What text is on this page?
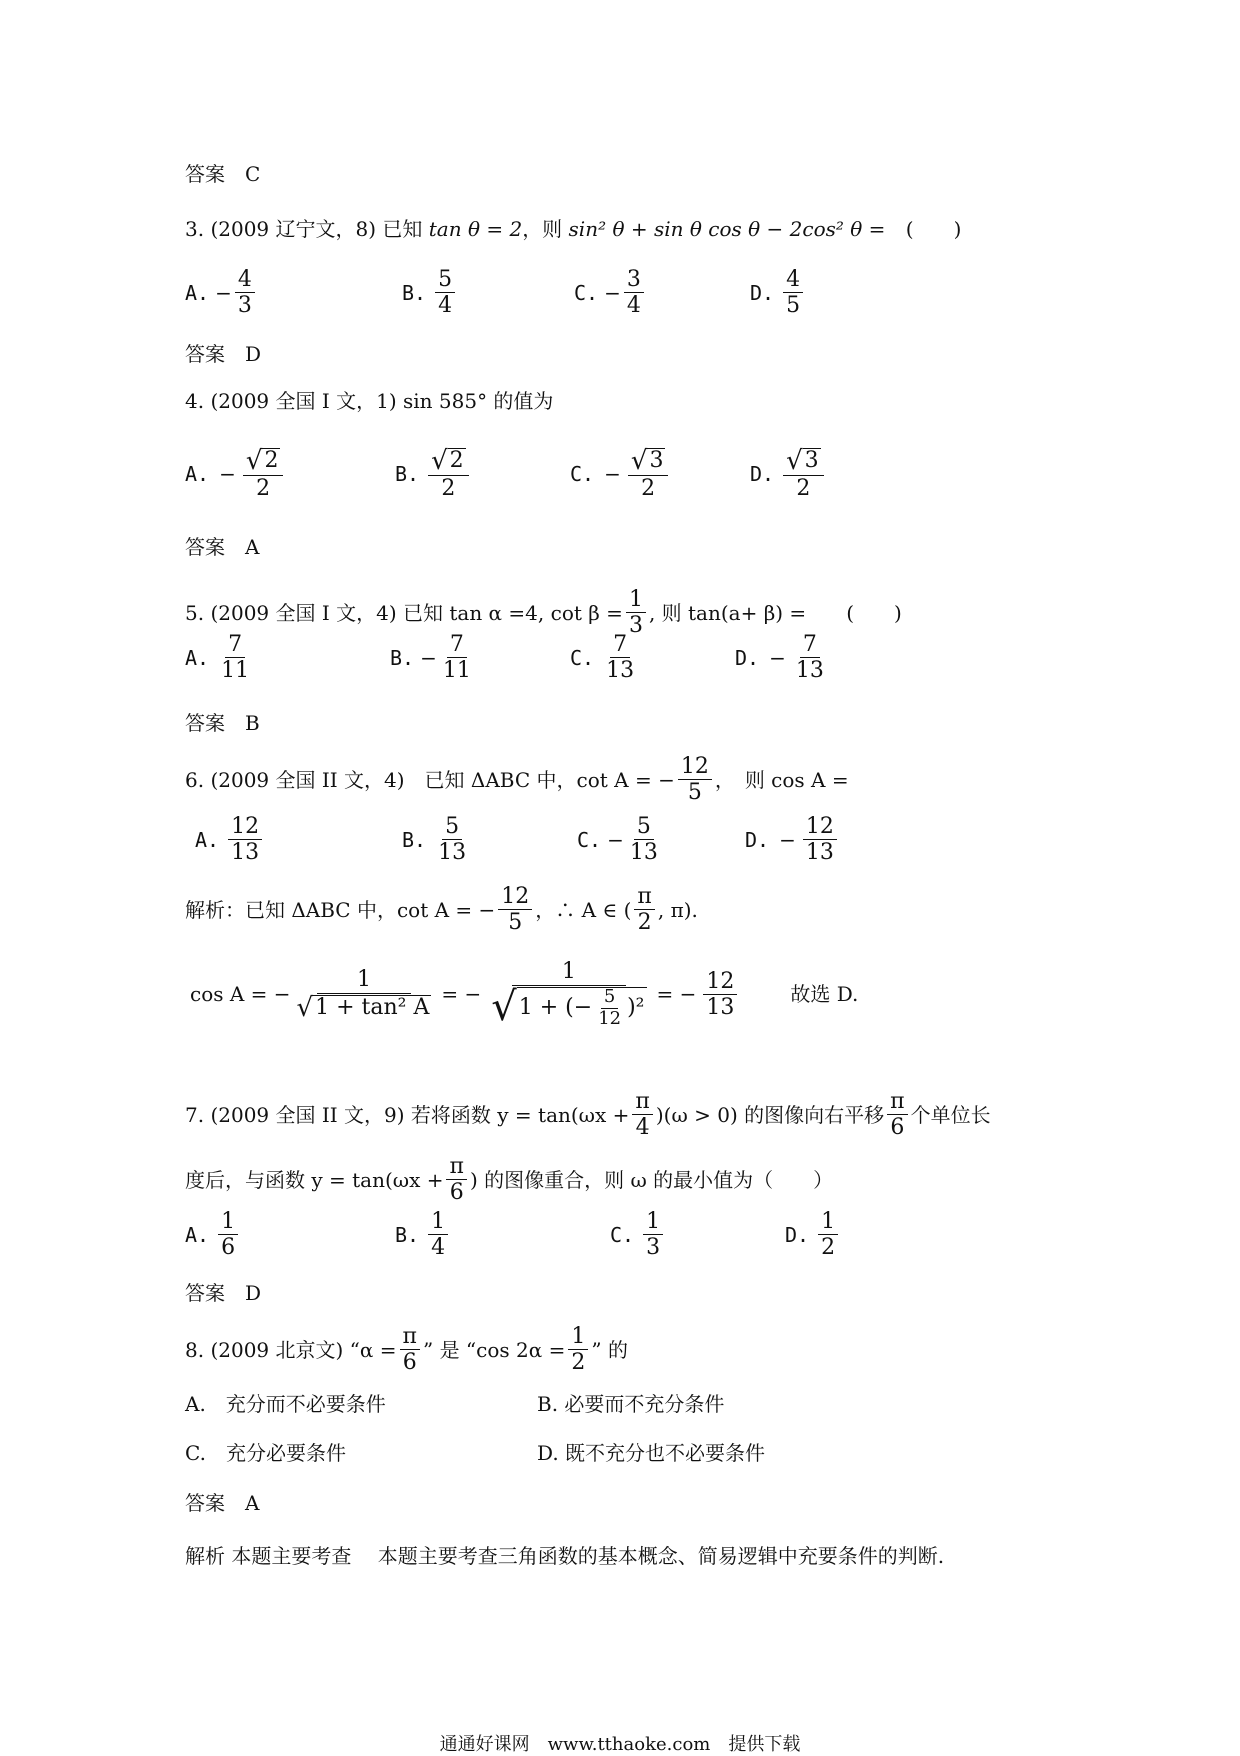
答案　C
3. (2009 辽宁文，8) 已知 tan θ = 2，则 sin² θ + sin θ cos θ − 2cos² θ = (　　)
A. − $\frac{4}{3}$	B. $\frac{5}{4}$	C. − $\frac{3}{4}$	D. $\frac{4}{5}$
答案　D
4. (2009 全国 I 文，1) sin 585° 的值为
A. − $\frac{√ 2}{2}$	B. $\frac{√ 2}{2}$	C. − $\frac{√ 3}{2}$	D. $\frac{√ 3}{2}$
答案　A
5. (2009 全国 I 文，4) 已知 tan α =4, $\cot \beta = \frac{1}{3}$ , 则 tan(a+ β) = (　　)
A. $\frac{7}{11}$	B. − $\frac{7}{11}$	C. $\frac{7}{13}$	D. − $\frac{7}{13}$
答案　B
6. (2009 全国 II 文，4)　已知 ΔABC 中，cot A = − $\frac{12}{5}$ ，　则 cos A =
A. $\frac{12}{13}$	B. $\frac{5}{13}$	C. − $\frac{5}{13}$	D. − $\frac{12}{13}$
解析：已知 ΔABC 中，cot A = − $\frac{12}{5}$ ，∴ A ∈ ( $\frac{\pi}{2}$ , π).
cos A = − $\frac{1}{\text{√ 1 + tan² A}}$ = − $\frac{1}{√ 1 + (- \frac{5}{12} )^2}$ = − $\frac{12}{13}$	故选 D.
7. (2009 全国 II 文，9) 若将函数 $y = \tan(\omega x + \frac{\pi}{4} )(\omega > 0)$ 的图像向右平移 $\frac{\pi}{6}$ 个单位长
度后，与函数 $y = \tan(\omega x + \frac{\pi}{6}$ ) 的图像重合，则 ω 的最小值为（　　）
A. $\frac{1}{6}$	B. $\frac{1}{4}$	C. $\frac{1}{3}$	D. $\frac{1}{2}$
答案　D
8. (2009 北京文) “$\alpha = \frac{\pi}{6}$ ” 是 “cos $2\alpha = \frac{1}{2}$ ” 的
A.　充分而不必要条件	B. 必要而不充分条件
C.　充分必要条件	D. 既不充分也不必要条件
答案　A
解析 本题主要考查　 本题主要考查三角函数的基本概念、简易逻辑中充要条件的判断.
通通好课网　www.tthaoke.com　提供下载
